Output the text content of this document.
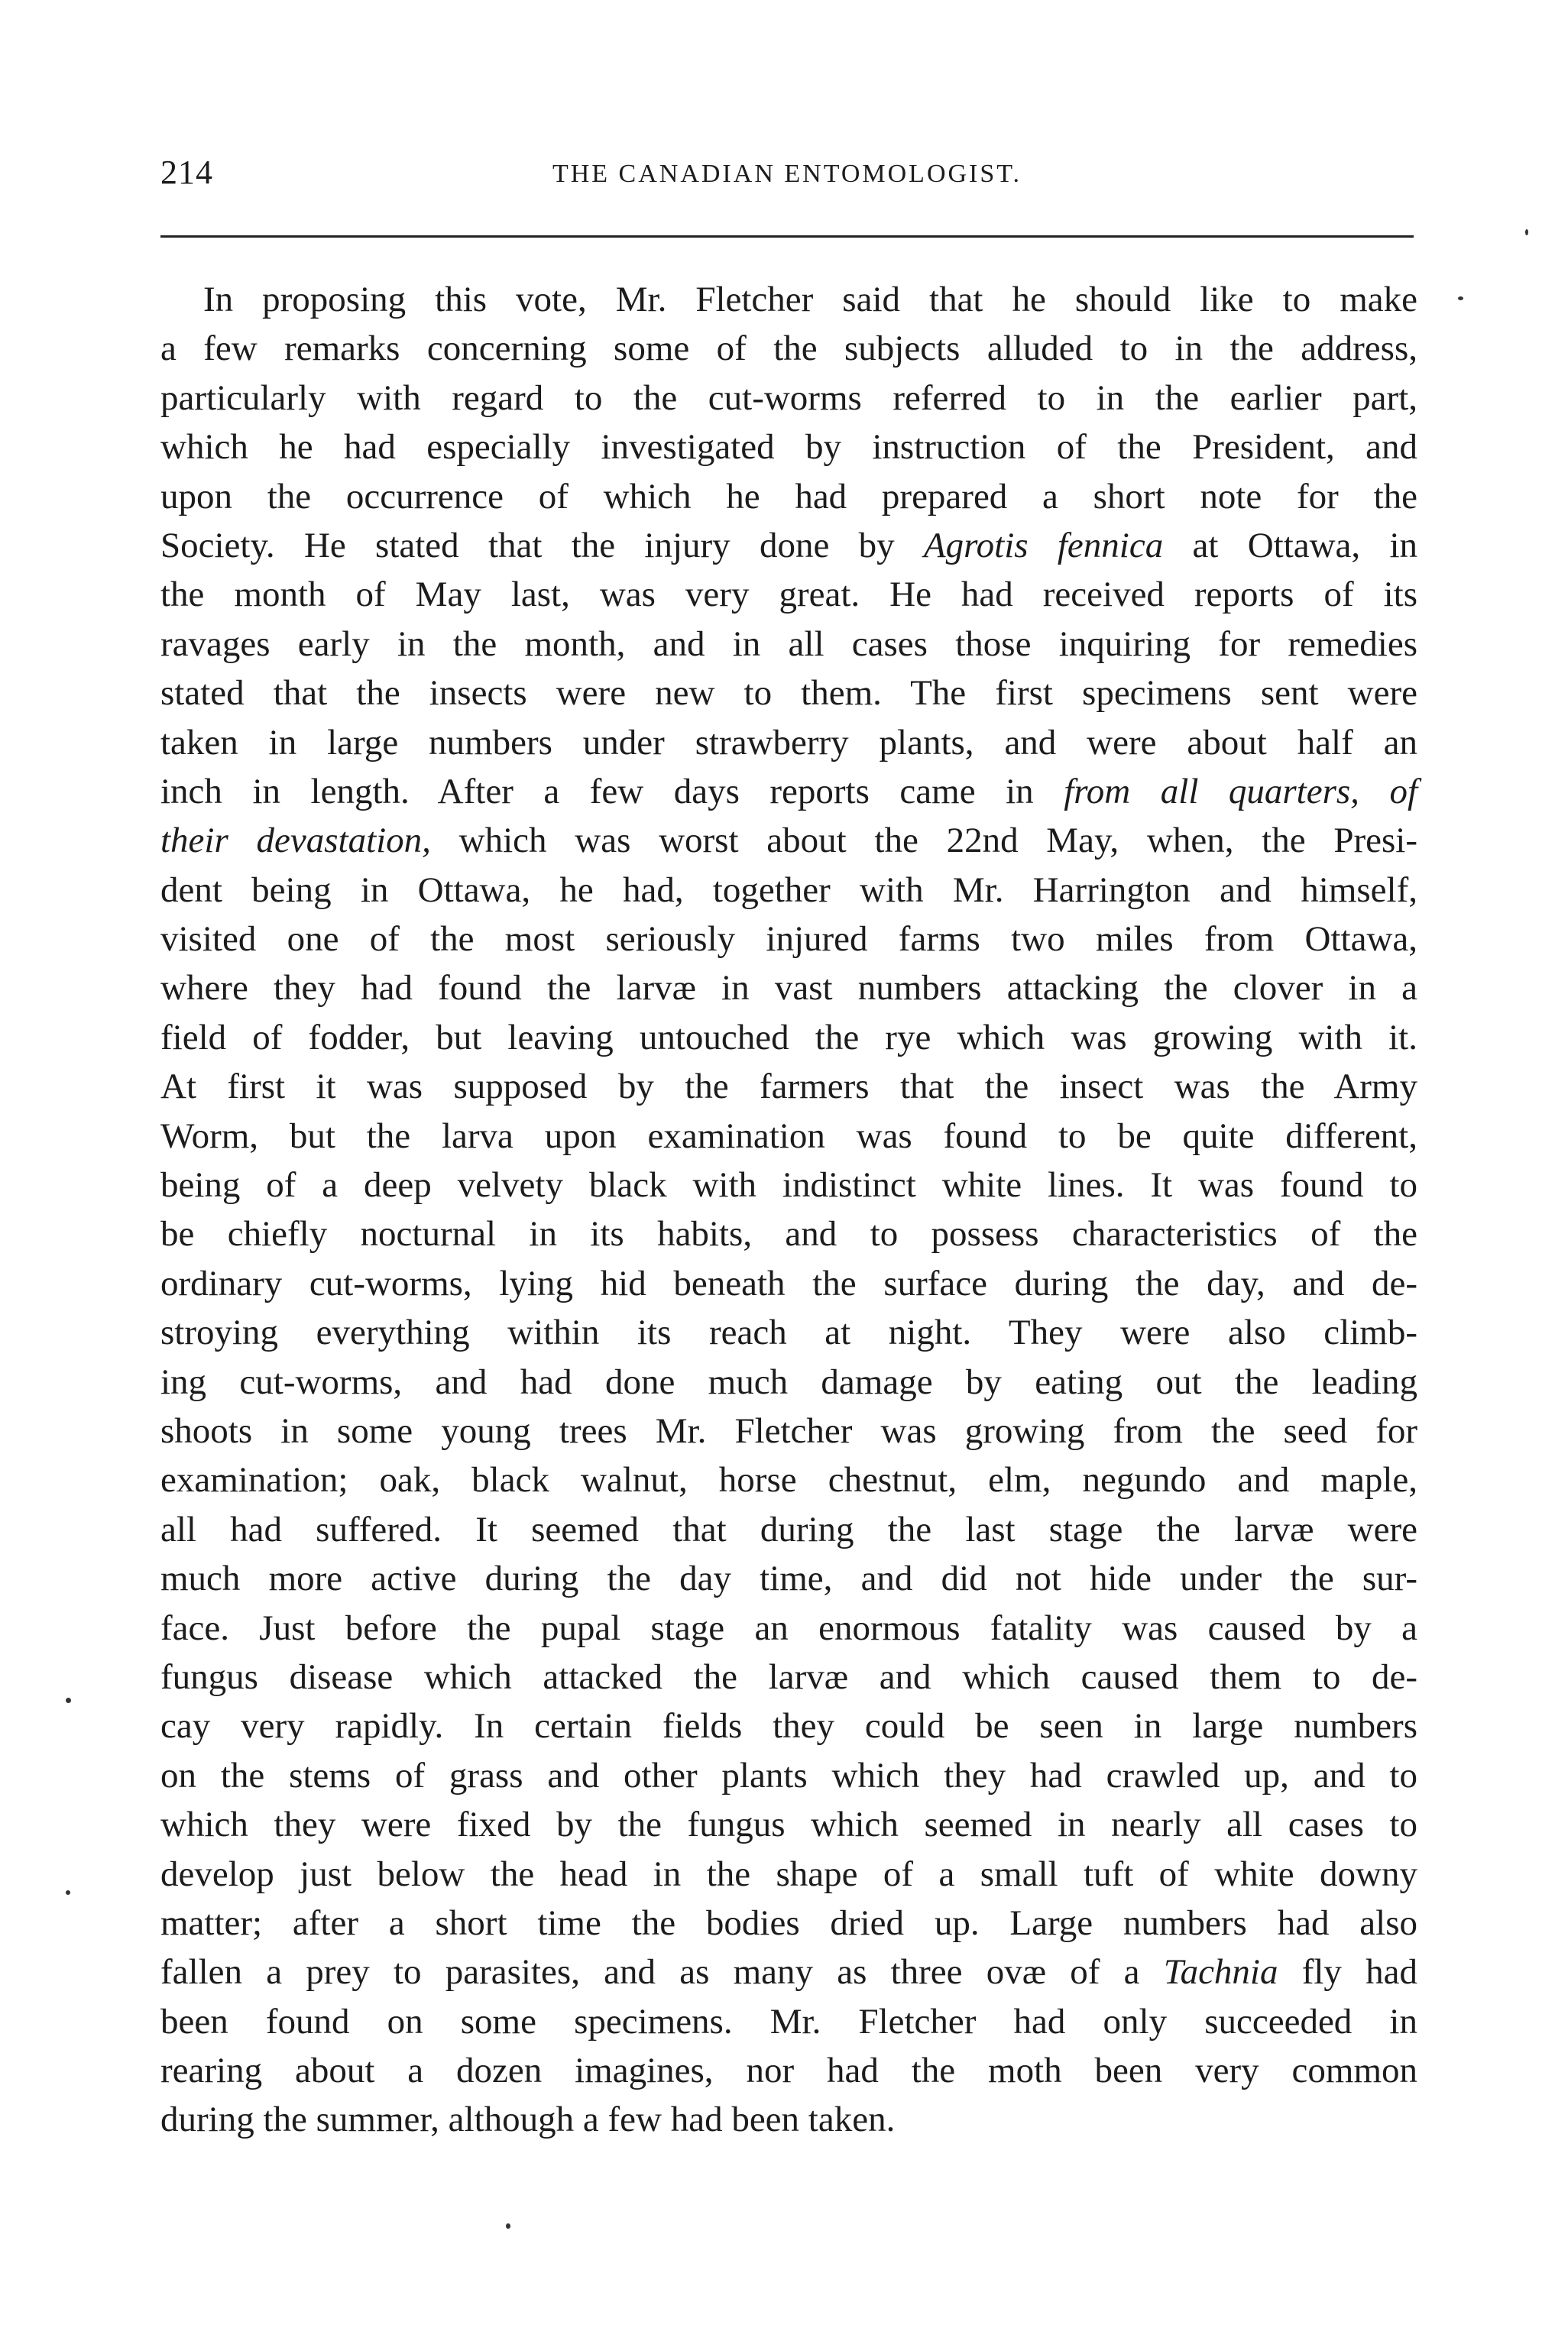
214	THE CANADIAN ENTOMOLOGIST.
In proposing this vote, Mr. Fletcher said that he should like to make
a few remarks concerning some of the subjects alluded to in the address,
particularly with regard to the cut-worms referred to in the earlier part,
which he had especially investigated by instruction of the President, and
upon the occurrence of which he had prepared a short note for the
Society. He stated that the injury done by Agrotis fennica at Ottawa, in
the month of May last, was very great. He had received reports of its
ravages early in the month, and in all cases those inquiring for remedies
stated that the insects were new to them. The first specimens sent were
taken in large numbers under strawberry plants, and were about half an
inch in length. After a few days reports came in from all quarters, of
their devastation, which was worst about the 22nd May, when, the Presi-
dent being in Ottawa, he had, together with Mr. Harrington and himself,
visited one of the most seriously injured farms two miles from Ottawa,
where they had found the larvæ in vast numbers attacking the clover in a
field of fodder, but leaving untouched the rye which was growing with it.
At first it was supposed by the farmers that the insect was the Army
Worm, but the larva upon examination was found to be quite different,
being of a deep velvety black with indistinct white lines. It was found to
be chiefly nocturnal in its habits, and to possess characteristics of the
ordinary cut-worms, lying hid beneath the surface during the day, and de-
stroying everything within its reach at night. They were also climb-
ing cut-worms, and had done much damage by eating out the leading
shoots in some young trees Mr. Fletcher was growing from the seed for
examination; oak, black walnut, horse chestnut, elm, negundo and maple,
all had suffered. It seemed that during the last stage the larvæ were
much more active during the day time, and did not hide under the sur-
face. Just before the pupal stage an enormous fatality was caused by a
fungus disease which attacked the larvæ and which caused them to de-
cay very rapidly. In certain fields they could be seen in large numbers
on the stems of grass and other plants which they had crawled up, and to
which they were fixed by the fungus which seemed in nearly all cases to
develop just below the head in the shape of a small tuft of white downy
matter; after a short time the bodies dried up. Large numbers had also
fallen a prey to parasites, and as many as three ovæ of a Tachnia fly had
been found on some specimens. Mr. Fletcher had only succeeded in
rearing about a dozen imagines, nor had the moth been very common
during the summer, although a few had been taken.
